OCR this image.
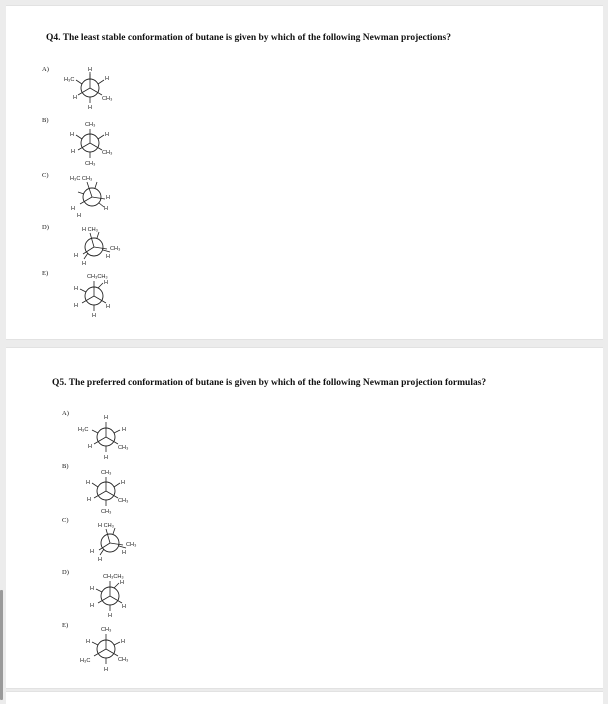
Q4. The least stable conformation of butane is given by which of the following Newman projections?

A)
H₃C
H
H
CH₃
H
H
B)
CH₃
H	H
CH₃
H	CH₃
C)	H₃C CH₃
H
H
H
H
D)	H CH₃
CH₃
H
H
H
E)	CH₃CH₃
H
H
H
H
H

Q5. The preferred conformation of butane is given by which of the following Newman projection formulas?

A)
H
H₃C	H
H	CH₃
H
B)
CH₃
H	H
H	CH₃
CH₃
C)
H CH₃
CH₃
H
H
H
D)
CH₃CH₃
H
H
H
H
H
E)
CH₃
H	H
H₃C	CH₃
H
